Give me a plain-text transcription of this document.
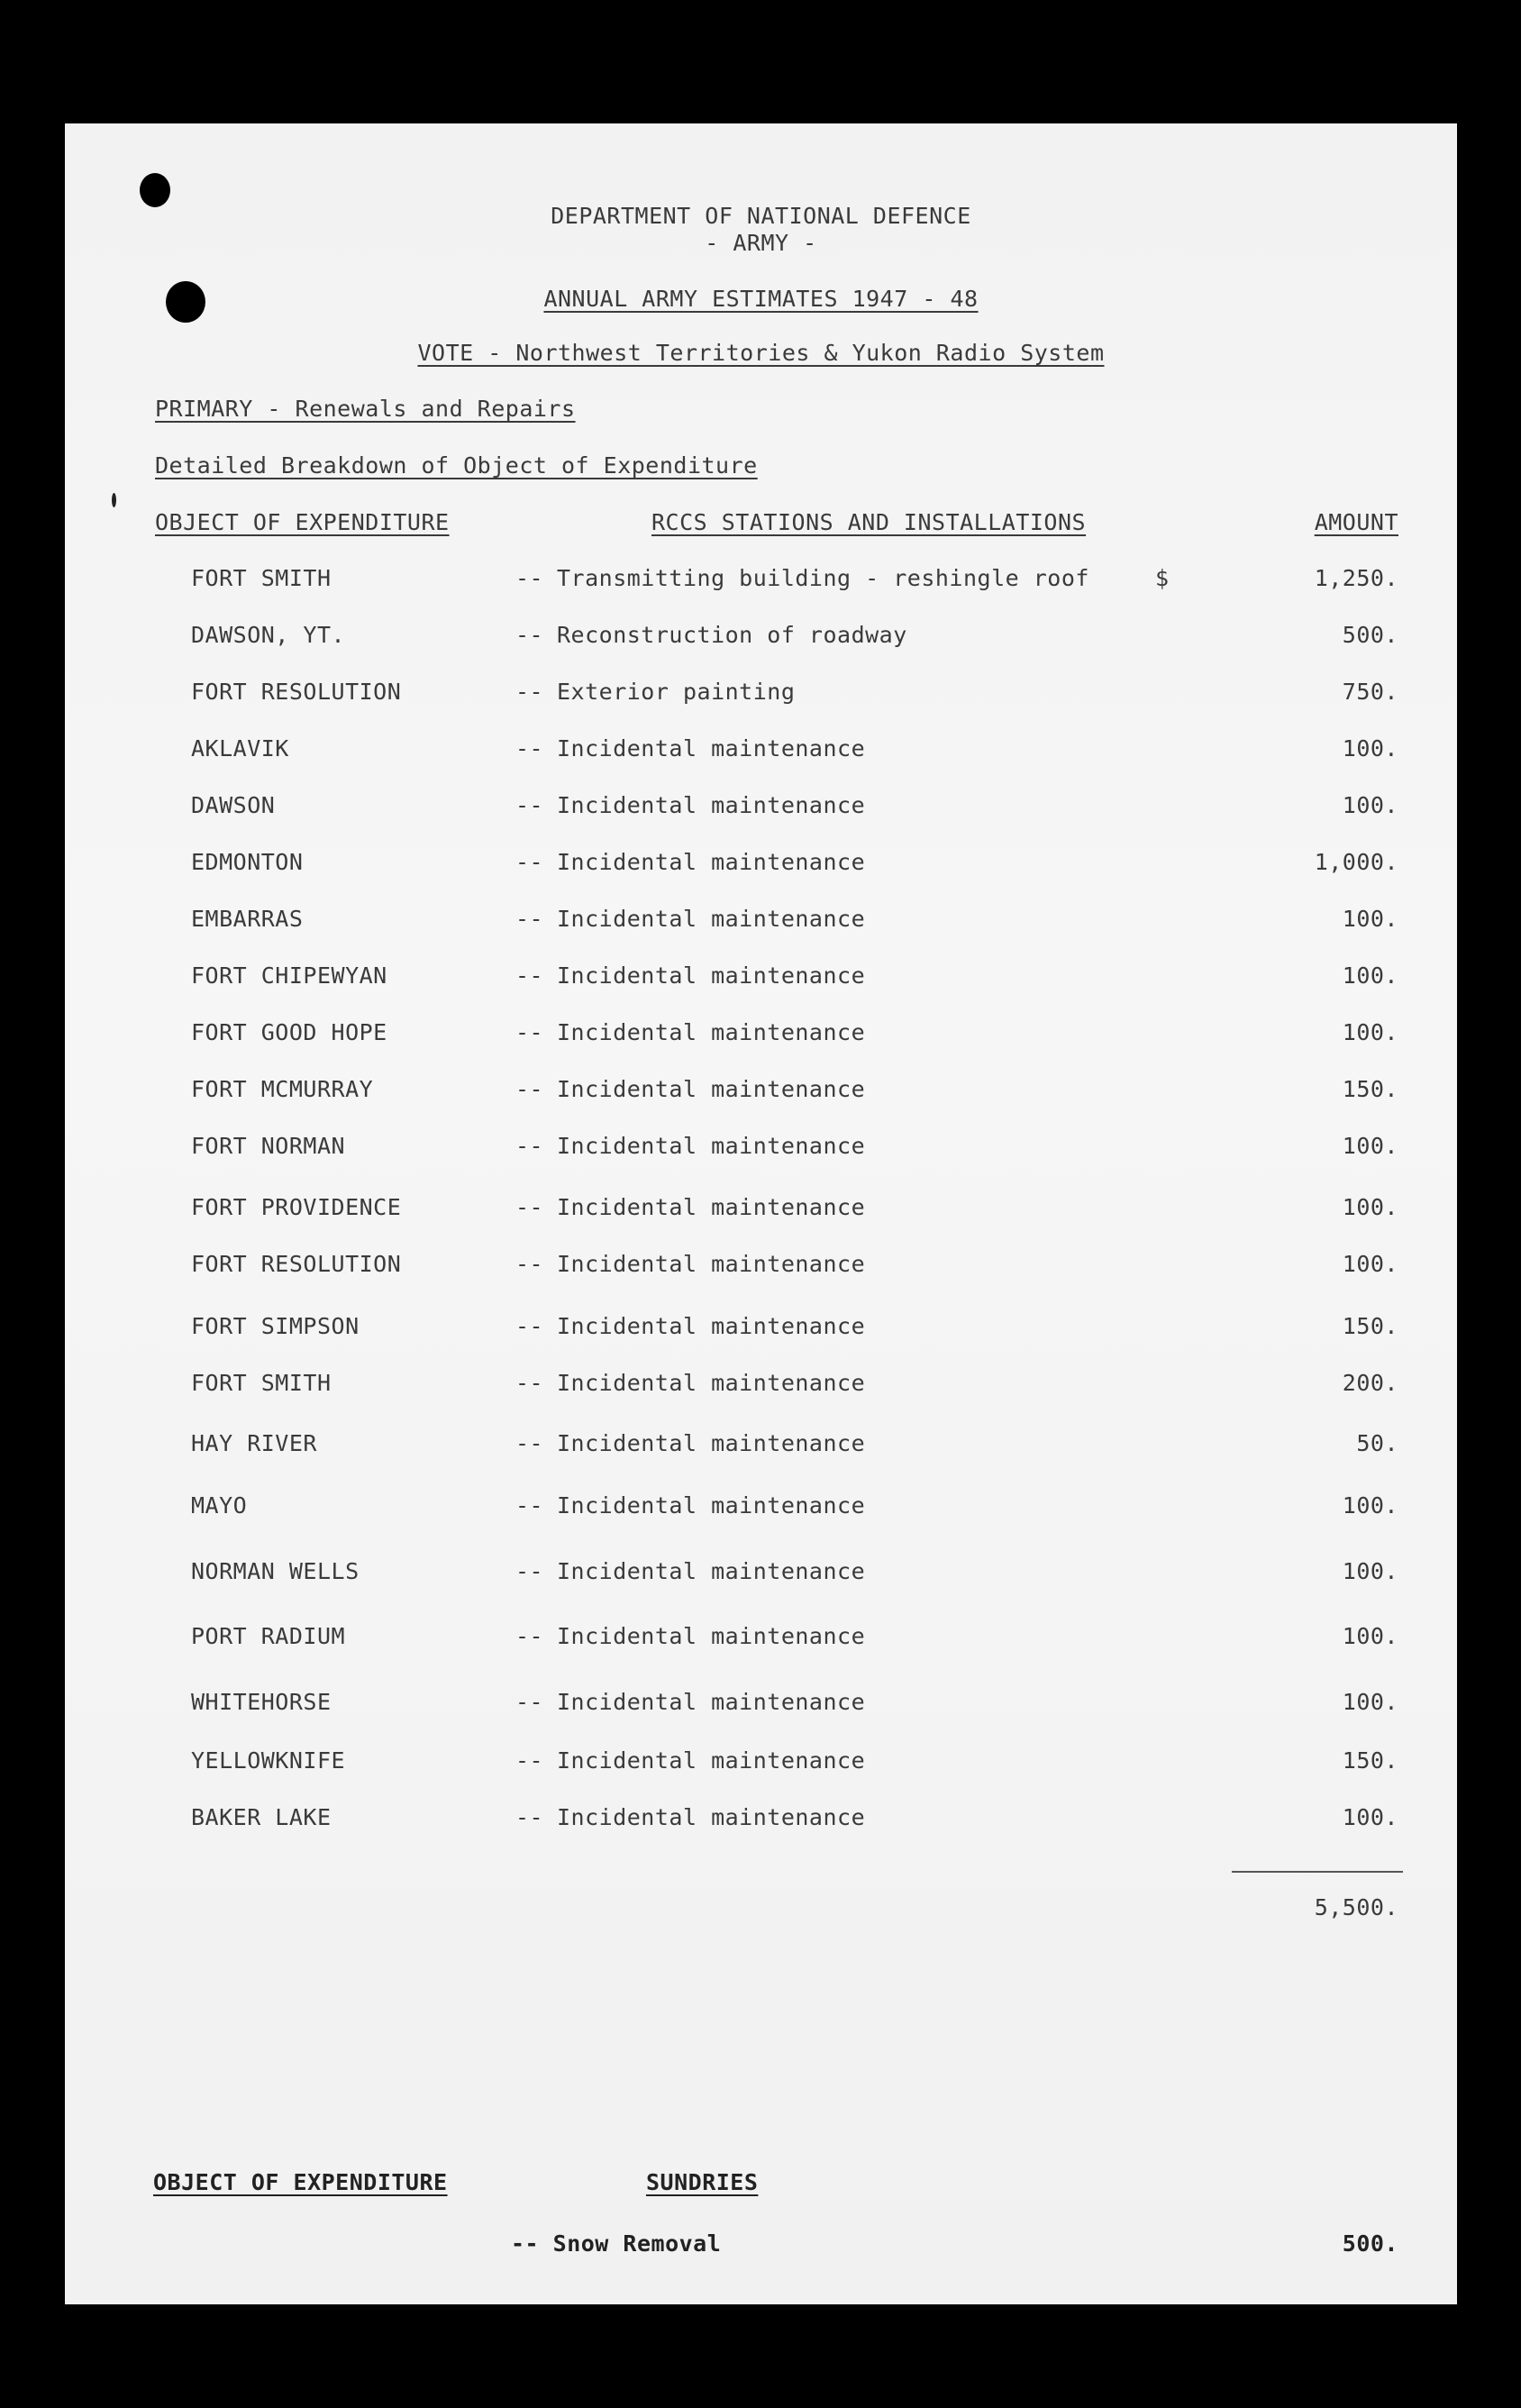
DEPARTMENT OF NATIONAL DEFENCE
- ARMY -
ANNUAL ARMY ESTIMATES 1947 - 48
VOTE - Northwest Territories & Yukon Radio System
PRIMARY - Renewals and Repairs
Detailed Breakdown of Object of Expenditure
OBJECT OF EXPENDITURE	RCCS STATIONS AND INSTALLATIONS	AMOUNT
FORT SMITH	-- Transmitting building - reshingle roof	$	1,250.
DAWSON, YT.	-- Reconstruction of roadway	500.
FORT RESOLUTION	-- Exterior painting	750.
AKLAVIK	-- Incidental maintenance	100.
DAWSON	-- Incidental maintenance	100.
EDMONTON	-- Incidental maintenance	1,000.
EMBARRAS	-- Incidental maintenance	100.
FORT CHIPEWYAN	-- Incidental maintenance	100.
FORT GOOD HOPE	-- Incidental maintenance	100.
FORT MCMURRAY	-- Incidental maintenance	150.
FORT NORMAN	-- Incidental maintenance	100.
FORT PROVIDENCE	-- Incidental maintenance	100.
FORT RESOLUTION	-- Incidental maintenance	100.
FORT SIMPSON	-- Incidental maintenance	150.
FORT SMITH	-- Incidental maintenance	200.
HAY RIVER	-- Incidental maintenance	50.
MAYO	-- Incidental maintenance	100.
NORMAN WELLS	-- Incidental maintenance	100.
PORT RADIUM	-- Incidental maintenance	100.
WHITEHORSE	-- Incidental maintenance	100.
YELLOWKNIFE	-- Incidental maintenance	150.
BAKER LAKE	-- Incidental maintenance	100.
5,500.
OBJECT OF EXPENDITURE	SUNDRIES
-- Snow Removal	500.
